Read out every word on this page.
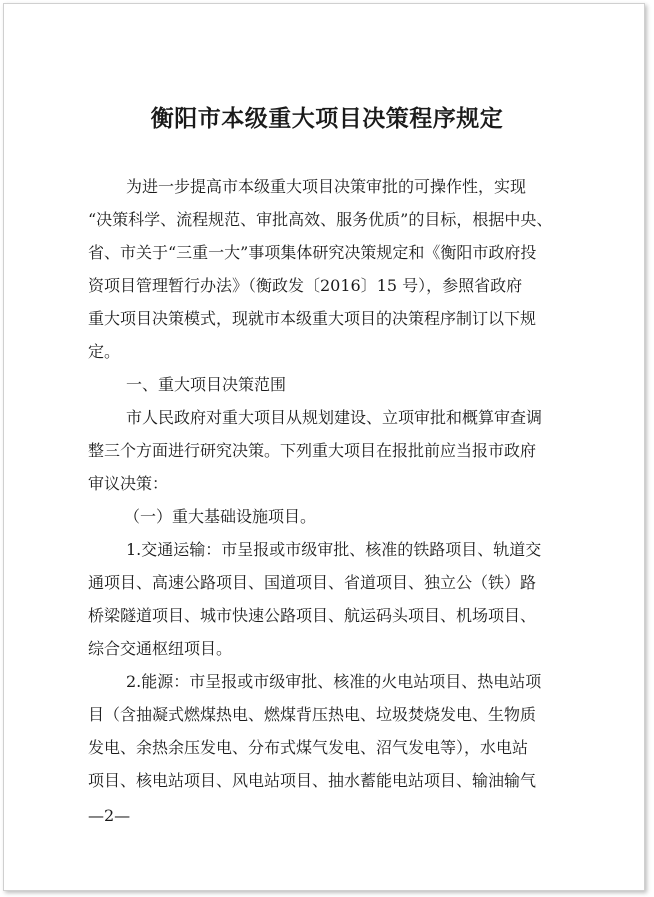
衡阳市本级重大项目决策程序规定

为进一步提高市本级重大项目决策审批的可操作性，实现

“决策科学、流程规范、审批高效、服务优质”的目标，根据中央、

省、市关于“三重一大”事项集体研究决策规定和《衡阳市政府投

资项目管理暂行办法》（衡政发〔2016〕15 号），参照省政府

重大项目决策模式，现就市本级重大项目的决策程序制订以下规

定。

一、重大项目决策范围

市人民政府对重大项目从规划建设、立项审批和概算审查调

整三个方面进行研究决策。下列重大项目在报批前应当报市政府

审议决策：

（一）重大基础设施项目。

1.交通运输：市呈报或市级审批、核准的铁路项目、轨道交

通项目、高速公路项目、国道项目、省道项目、独立公（铁）路

桥梁隧道项目、城市快速公路项目、航运码头项目、机场项目、

综合交通枢纽项目。

2.能源：市呈报或市级审批、核准的火电站项目、热电站项

目（含抽凝式燃煤热电、燃煤背压热电、垃圾焚烧发电、生物质

发电、余热余压发电、分布式煤气发电、沼气发电等），水电站

项目、核电站项目、风电站项目、抽水蓄能电站项目、输油输气

—2—
